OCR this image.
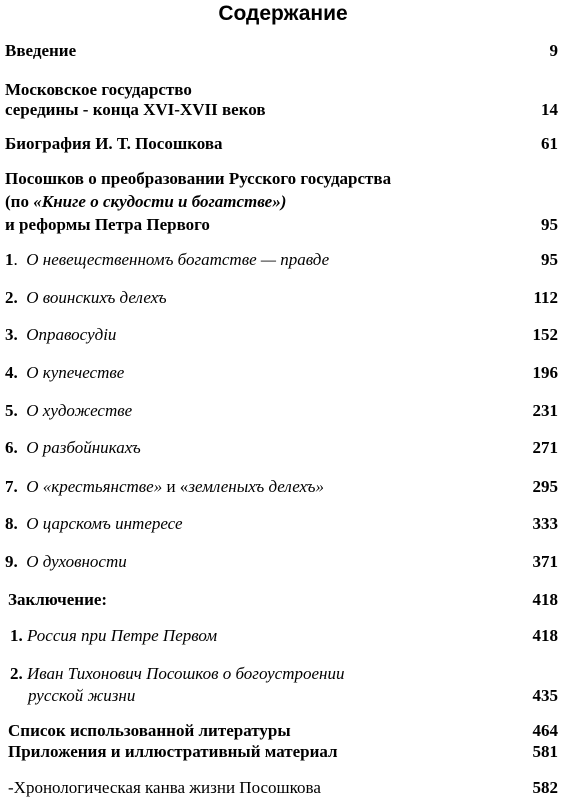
Содержание
Введение	9
Московское государство
середины - конца XVI-XVII веков	14
Биография И. Т. Посошкова	61
Посошков о преобразовании Русского государства
(по «Книге о скудости и богатстве»)
и реформы Петра Первого	95
1. О невещественномъ богатстве — правде	95
2. О воинскихъ делехъ	112
3. Оправосудiи	152
4. О купечестве	196
5. О художестве	231
6. О разбойникахъ	271
7. О «крестьянстве» и «земленыхъ делехъ»	295
8. О царскомъ интересе	333
9. О духовности	371
Заключение:	418
1. Россия при Петре Первом	418
2. Иван Тихонович Посошков о богоустроении
русской жизни	435
Список использованной литературы	464
Приложения и иллюстративный материал	581
-Хронологическая канва жизни Посошкова	582
